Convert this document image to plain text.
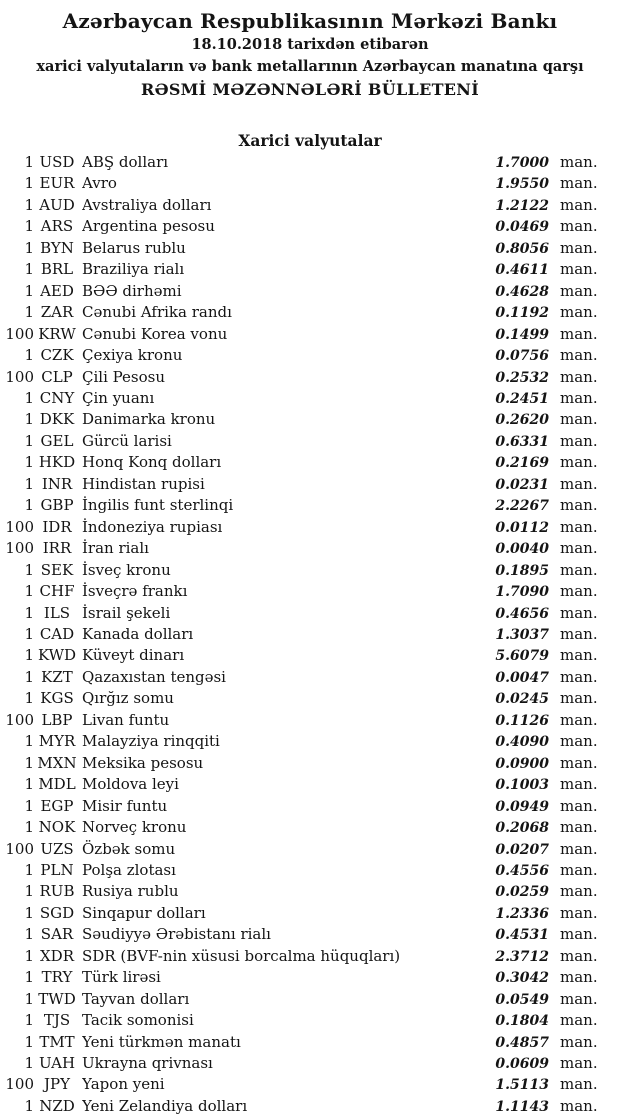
Azərbaycan Respublikasının Mərkəzi Bankı
18.10.2018 tarixdən etibarən
xarici valyutaların və bank metallarının Azərbaycan manatına qarşı
RƏSMİ MƏZƏNNƏLƏRİ BÜLLETENİ
Xarici valyutalar
1 USD ABŞ dolları	1.7000 man.
1 EUR Avro	1.9550 man.
1 AUD Avstraliya dolları	1.2122 man.
1 ARS Argentina pesosu	0.0469 man.
1 BYN Belarus rublu	0.8056 man.
1 BRL Braziliya rialı	0.4611 man.
1 AED BƏƏ dirhəmi	0.4628 man.
1 ZAR Cənubi Afrika randı	0.1192 man.
100 KRW Cənubi Korea vonu	0.1499 man.
1 CZK Çexiya kronu	0.0756 man.
100 CLP Çili Pesosu	0.2532 man.
1 CNY Çin yuanı	0.2451 man.
1 DKK Danimarka kronu	0.2620 man.
1 GEL Gürcü larisi	0.6331 man.
1 HKD Honq Konq dolları	0.2169 man.
1 INR Hindistan rupisi	0.0231 man.
1 GBP İngilis funt sterlinqi	2.2267 man.
100 IDR İndoneziya rupiası	0.0112 man.
100 IRR İran rialı	0.0040 man.
1 SEK İsveç kronu	0.1895 man.
1 CHF İsveçrə frankı	1.7090 man.
1 ILS İsrail şekeli	0.4656 man.
1 CAD Kanada dolları	1.3037 man.
1 KWD Küveyt dinarı	5.6079 man.
1 KZT Qazaxıstan tengəsi	0.0047 man.
1 KGS Qırğız somu	0.0245 man.
100 LBP Livan funtu	0.1126 man.
1 MYR Malayziya rinqqiti	0.4090 man.
1 MXN Meksika pesosu	0.0900 man.
1 MDL Moldova leyi	0.1003 man.
1 EGP Misir funtu	0.0949 man.
1 NOK Norveç kronu	0.2068 man.
100 UZS Özbək somu	0.0207 man.
1 PLN Polşa zlotası	0.4556 man.
1 RUB Rusiya rublu	0.0259 man.
1 SGD Sinqapur dolları	1.2336 man.
1 SAR Səudiyyə Ərəbistanı rialı	0.4531 man.
1 XDR SDR (BVF-nin xüsusi borcalma hüquqları)	2.3712 man.
1 TRY Türk lirəsi	0.3042 man.
1 TWD Tayvan dolları	0.0549 man.
1 TJS Tacik somonisi	0.1804 man.
1 TMT Yeni türkmən manatı	0.4857 man.
1 UAH Ukrayna qrivnası	0.0609 man.
100 JPY Yapon yeni	1.5113 man.
1 NZD Yeni Zelandiya dolları	1.1143 man.
